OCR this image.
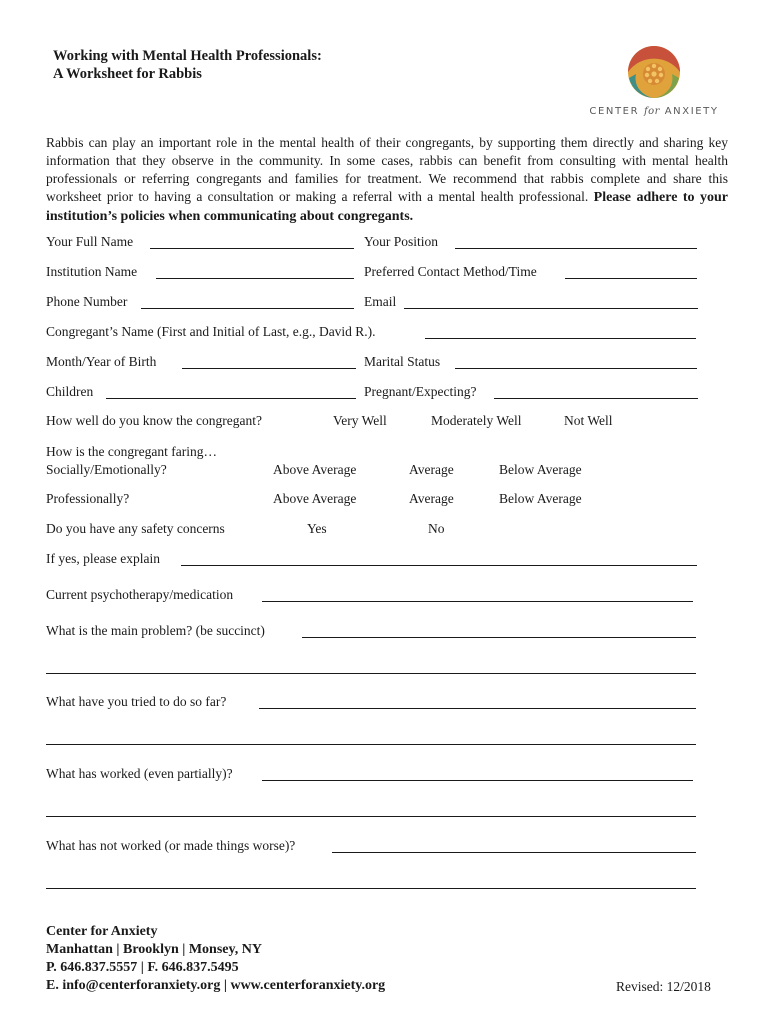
Working with Mental Health Professionals:
A Worksheet for Rabbis
CENTER for ANXIETY
Rabbis can play an important role in the mental health of their congregants, by supporting them directly and sharing key information that they observe in the community. In some cases, rabbis can benefit from consulting with mental health professionals or referring congregants and families for treatment. We recommend that rabbis complete and share this worksheet prior to having a consultation or making a referral with a mental health professional. Please adhere to your institution’s policies when communicating about congregants.
Your Full Name	Your Position
Institution Name	Preferred Contact Method/Time
Phone Number	Email
Congregant’s Name (First and Initial of Last, e.g., David R.).
Month/Year of Birth	Marital Status
Children	Pregnant/Expecting?
How well do you know the congregant?	Very Well	Moderately Well	Not Well
How is the congregant faring…
Socially/Emotionally?	Above Average	Average	Below Average
Professionally?	Above Average	Average	Below Average
Do you have any safety concerns	Yes	No
If yes, please explain
Current psychotherapy/medication
What is the main problem? (be succinct)
What have you tried to do so far?
What has worked (even partially)?
What has not worked (or made things worse)?
Center for Anxiety
Manhattan | Brooklyn | Monsey, NY
P. 646.837.5557 | F. 646.837.5495
E. info@centerforanxiety.org | www.centerforanxiety.org	Revised: 12/2018
